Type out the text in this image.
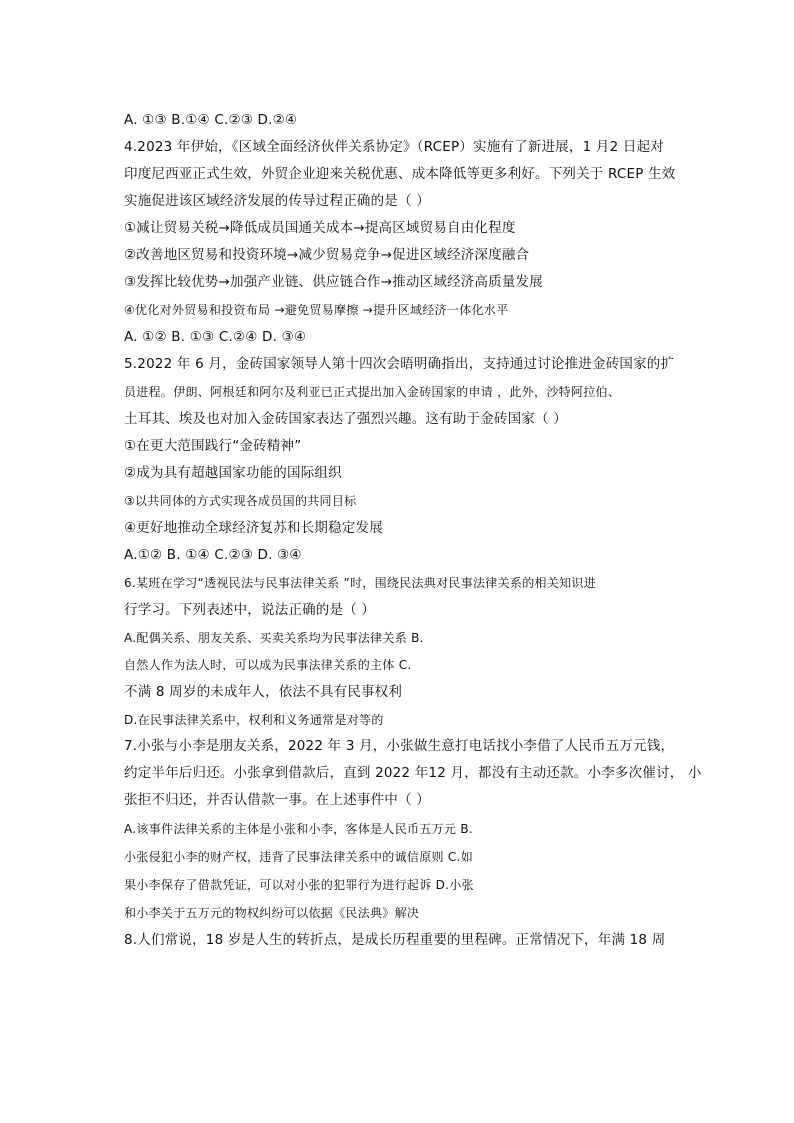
A. ①③ B.①④ C.②③ D.②④
4.2023 年伊始，《区域全面经济伙伴关系协定》（RCEP）实施有了新进展，1 月2 日起对
印度尼西亚正式生效，外贸企业迎来关税优惠、成本降低等更多利好。下列关于 RCEP 生效
实施促进该区域经济发展的传导过程正确的是（ ）
①减让贸易关税→降低成员国通关成本→提高区域贸易自由化程度
②改善地区贸易和投资环境→减少贸易竞争→促进区域经济深度融合
③发挥比较优势→加强产业链、供应链合作→推动区域经济高质量发展
④优化对外贸易和投资布局 →避免贸易摩擦 →提升区域经济一体化水平
A. ①② B. ①③ C.②④ D. ③④
5.2022 年 6 月，金砖国家领导人第十四次会晤明确指出，支持通过讨论推进金砖国家的扩
员进程。伊朗、阿根廷和阿尔及利亚已正式提出加入金砖国家的申请 ，此外，沙特阿拉伯、
土耳其、埃及也对加入金砖国家表达了强烈兴趣。这有助于金砖国家（ ）
①在更大范围践行“金砖精神”
②成为具有超越国家功能的国际组织
③以共同体的方式实现各成员国的共同目标
④更好地推动全球经济复苏和长期稳定发展
A.①② B. ①④ C.②③ D. ③④
6.某班在学习“透视民法与民事法律关系 ”时，围绕民法典对民事法律关系的相关知识进
行学习。下列表述中，说法正确的是（ ）
A.配偶关系、朋友关系、买卖关系均为民事法律关系 B.
自然人作为法人时，可以成为民事法律关系的主体 C.
不满 8 周岁的未成年人，依法不具有民事权利
D.在民事法律关系中，权利和义务通常是对等的
7.小张与小李是朋友关系，2022 年 3 月，小张做生意打电话找小李借了人民币五万元钱，
约定半年后归还。小张拿到借款后，直到 2022 年12 月，都没有主动还款。小李多次催讨， 小
张拒不归还，并否认借款一事。在上述事件中（ ）
A.该事件法律关系的主体是小张和小李，客体是人民币五万元 B.
小张侵犯小李的财产权，违背了民事法律关系中的诚信原则 C.如
果小李保存了借款凭证，可以对小张的犯罪行为进行起诉 D.小张
和小李关于五万元的物权纠纷可以依据《民法典》解决
8.人们常说，18 岁是人生的转折点，是成长历程重要的里程碑。正常情况下，年满 18 周
